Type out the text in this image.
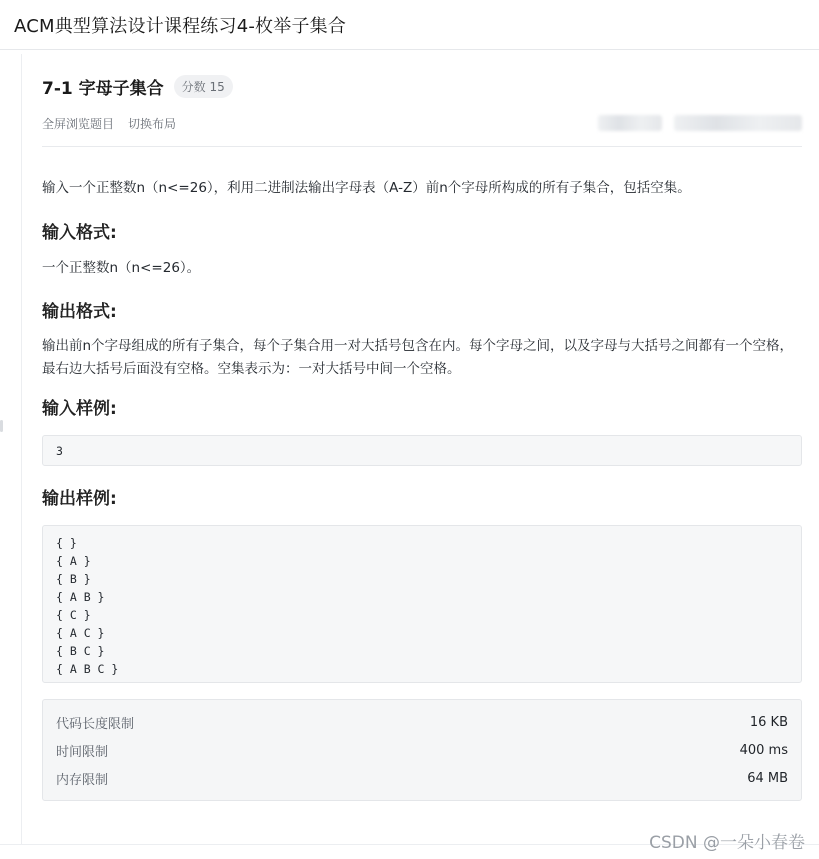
ACM典型算法设计课程练习4-枚举子集合
7-1 字母子集合	分数 15
全屏浏览题目 切换布局

输入一个正整数n（n<=26），利用二进制法输出字母表（A-Z）前n个字母所构成的所有子集合，包括空集。

输入格式:

一个正整数n（n<=26）。

输出格式:

输出前n个字母组成的所有子集合，每个子集合用一对大括号包含在内。每个字母之间，以及字母与大括号之间都有一个空格，最右边大括号后面没有空格。空集表示为：一对大括号中间一个空格。

输入样例:
3
输出样例:
{ }
{ A }
{ B }
{ A B }
{ C }
{ A C }
{ B C }
{ A B C }
代码长度限制	16 KB
时间限制	400 ms
内存限制	64 MB
CSDN @一朵小春卷
